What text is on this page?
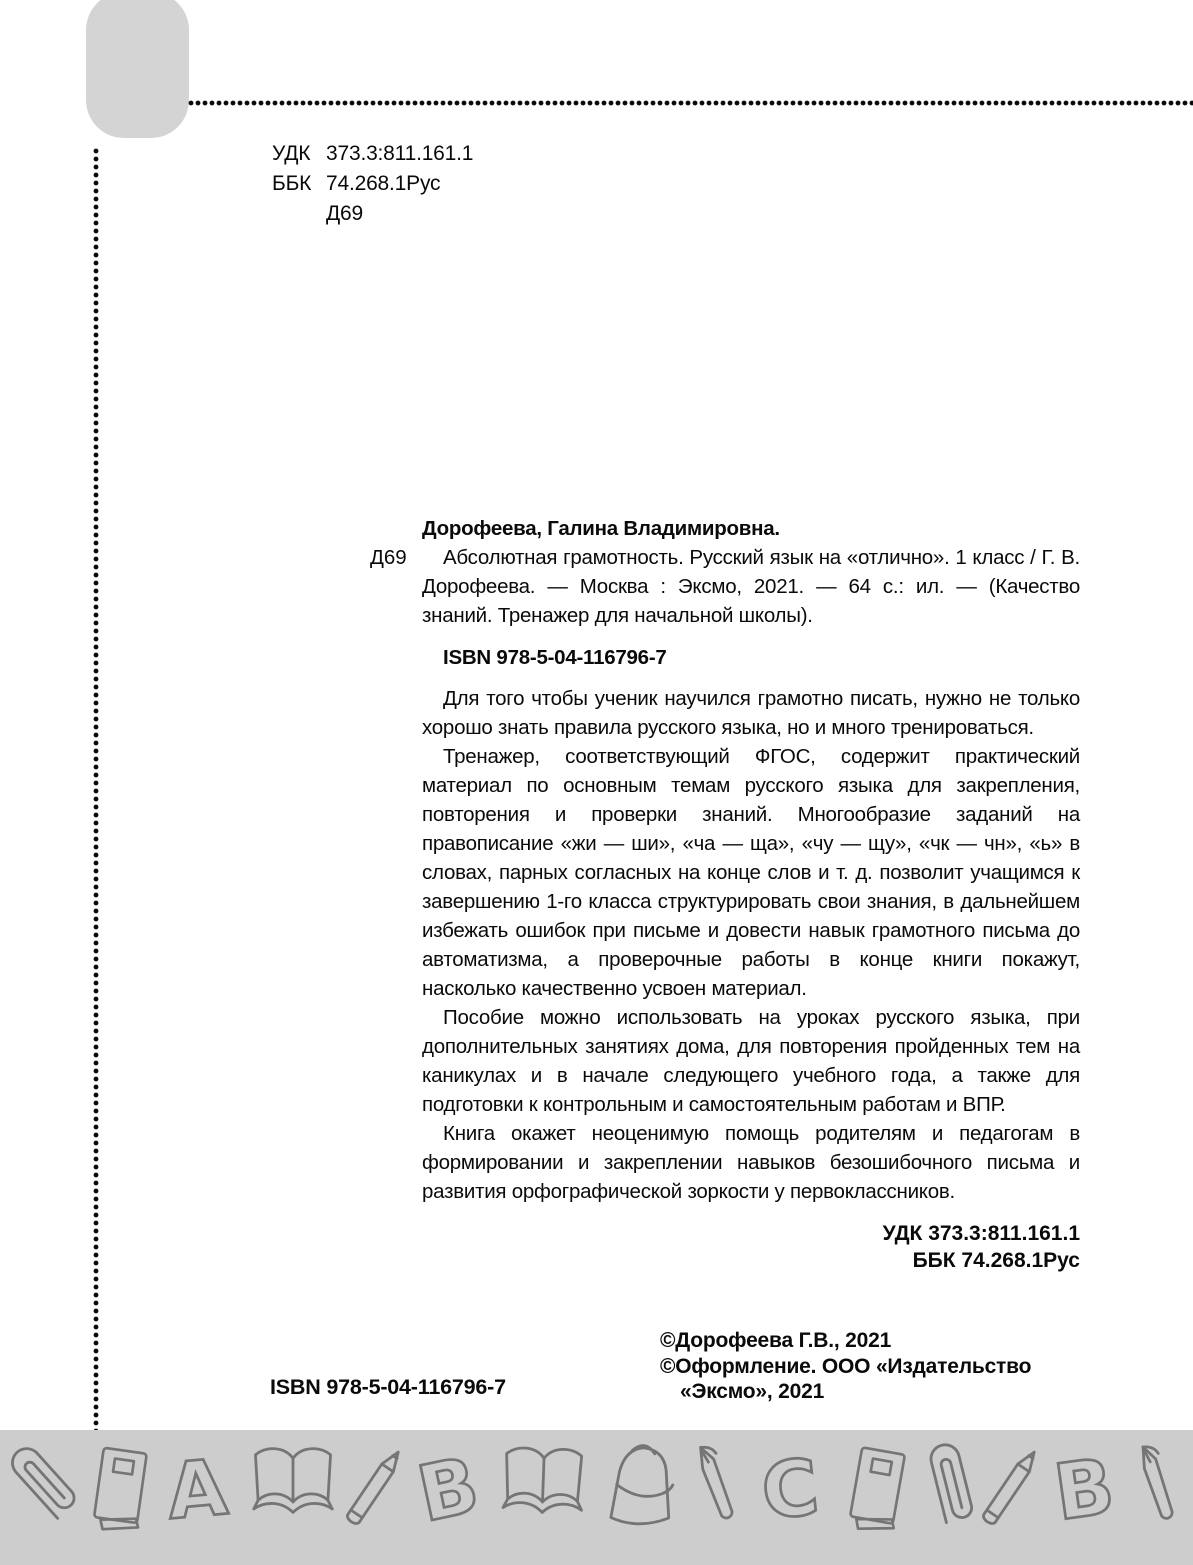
УДК 373.3:811.161.1
ББК 74.268.1Рус
Д69
Дорофеева, Галина Владимировна.
Д69	Абсолютная грамотность. Русский язык на «отлично». 1 класс / Г. В. Дорофеева. — Москва : Эксмо, 2021. — 64 с.: ил. — (Качество знаний. Тренажер для начальной школы).

ISBN 978-5-04-116796-7

Для того чтобы ученик научился грамотно писать, нужно не только хорошо знать правила русского языка, но и много тренироваться.

Тренажер, соответствующий ФГОС, содержит практический материал по основным темам русского языка для закрепления, повторения и проверки знаний. Многообразие заданий на правописание «жи — ши», «ча — ща», «чу — щу», «чк — чн», «ь» в словах, парных согласных на конце слов и т. д. позволит учащимся к завершению 1-го класса структурировать свои знания, в дальнейшем избежать ошибок при письме и довести навык грамотного письма до автоматизма, а проверочные работы в конце книги покажут, насколько качественно усвоен материал.

Пособие можно использовать на уроках русского языка, при дополнительных занятиях дома, для повторения пройденных тем на каникулах и в начале следующего учебного года, а также для подготовки к контрольным и самостоятельным работам и ВПР.

Книга окажет неоценимую помощь родителям и педагогам в формировании и закреплении навыков безошибочного письма и развития орфографической зоркости у первоклассников.

УДК 373.3:811.161.1
ББК 74.268.1Рус
ISBN 978-5-04-116796-7
©Дорофеева Г.В., 2021
©Оформление. ООО «Издательство
«Эксмо», 2021
A B	C B
